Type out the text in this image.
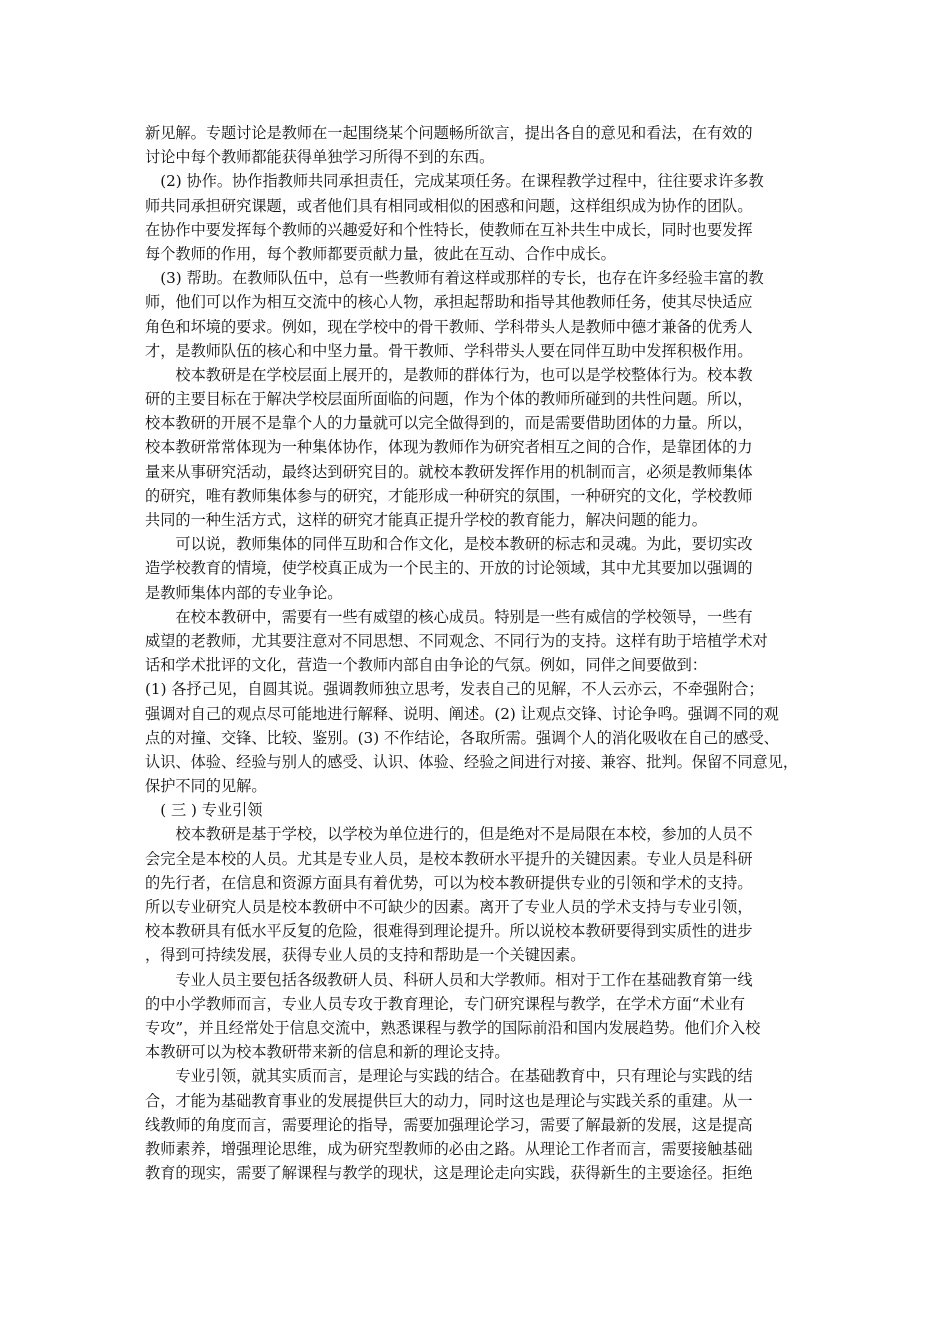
新见解。专题讨论是教师在一起围绕某个问题畅所欲言，提出各自的意见和看法，在有效的
讨论中每个教师都能获得单独学习所得不到的东西。
　(2) 协作。协作指教师共同承担责任，完成某项任务。在课程教学过程中，往往要求许多教
师共同承担研究课题，或者他们具有相同或相似的困惑和问题，这样组织成为协作的团队。
在协作中要发挥每个教师的兴趣爱好和个性特长，使教师在互补共生中成长，同时也要发挥
每个教师的作用，每个教师都要贡献力量，彼此在互动、合作中成长。
　(3) 帮助。在教师队伍中，总有一些教师有着这样或那样的专长，也存在许多经验丰富的教
师，他们可以作为相互交流中的核心人物，承担起帮助和指导其他教师任务，使其尽快适应
角色和坏境的要求。例如，现在学校中的骨干教师、学科带头人是教师中德才兼备的优秀人
才，是教师队伍的核心和中坚力量。骨干教师、学科带头人要在同伴互助中发挥积极作用。
　　校本教研是在学校层面上展开的，是教师的群体行为，也可以是学校整体行为。校本教
研的主要目标在于解决学校层面所面临的问题，作为个体的教师所碰到的共性问题。所以，
校本教研的开展不是靠个人的力量就可以完全做得到的，而是需要借助团体的力量。所以，
校本教研常常体现为一种集体协作，体现为教师作为研究者相互之间的合作，是靠团体的力
量来从事研究活动，最终达到研究目的。就校本教研发挥作用的机制而言，必须是教师集体
的研究，唯有教师集体参与的研究，才能形成一种研究的氛围，一种研究的文化，学校教师
共同的一种生活方式，这样的研究才能真正提升学校的教育能力，解决问题的能力。
　　可以说，教师集体的同伴互助和合作文化，是校本教研的标志和灵魂。为此，要切实改
造学校教育的情境，使学校真正成为一个民主的、开放的讨论领域，其中尤其要加以强调的
是教师集体内部的专业争论。
　　在校本教研中，需要有一些有威望的核心成员。特别是一些有威信的学校领导，一些有
威望的老教师，尤其要注意对不同思想、不同观念、不同行为的支持。这样有助于培植学术对
话和学术批评的文化，营造一个教师内部自由争论的气氛。例如，同伴之间要做到：
(1) 各抒己见，自圆其说。强调教师独立思考，发表自己的见解，不人云亦云，不牵强附合；
强调对自己的观点尽可能地进行解释、说明、阐述。(2) 让观点交锋、讨论争鸣。强调不同的观
点的对撞、交锋、比较、鉴别。(3) 不作结论，各取所需。强调个人的消化吸收在自己的感受、
认识、体验、经验与别人的感受、认识、体验、经验之间进行对接、兼容、批判。保留不同意见，
保护不同的见解。
　( 三 ) 专业引领
　　校本教研是基于学校，以学校为单位进行的，但是绝对不是局限在本校，参加的人员不
会完全是本校的人员。尤其是专业人员，是校本教研水平提升的关键因素。专业人员是科研
的先行者，在信息和资源方面具有着优势，可以为校本教研提供专业的引领和学术的支持。
所以专业研究人员是校本教研中不可缺少的因素。离开了专业人员的学术支持与专业引领，
校本教研具有低水平反复的危险，很难得到理论提升。所以说校本教研要得到实质性的进步
，得到可持续发展，获得专业人员的支持和帮助是一个关键因素。
　　专业人员主要包括各级教研人员、科研人员和大学教师。相对于工作在基础教育第一线
的中小学教师而言，专业人员专攻于教育理论，专门研究课程与教学，在学术方面“术业有
专攻”，并且经常处于信息交流中，熟悉课程与教学的国际前沿和国内发展趋势。他们介入校
本教研可以为校本教研带来新的信息和新的理论支持。
　　专业引领，就其实质而言，是理论与实践的结合。在基础教育中，只有理论与实践的结
合，才能为基础教育事业的发展提供巨大的动力，同时这也是理论与实践关系的重建。从一
线教师的角度而言，需要理论的指导，需要加强理论学习，需要了解最新的发展，这是提高
教师素养，增强理论思维，成为研究型教师的必由之路。从理论工作者而言，需要接触基础
教育的现实，需要了解课程与教学的现状，这是理论走向实践，获得新生的主要途径。拒绝
